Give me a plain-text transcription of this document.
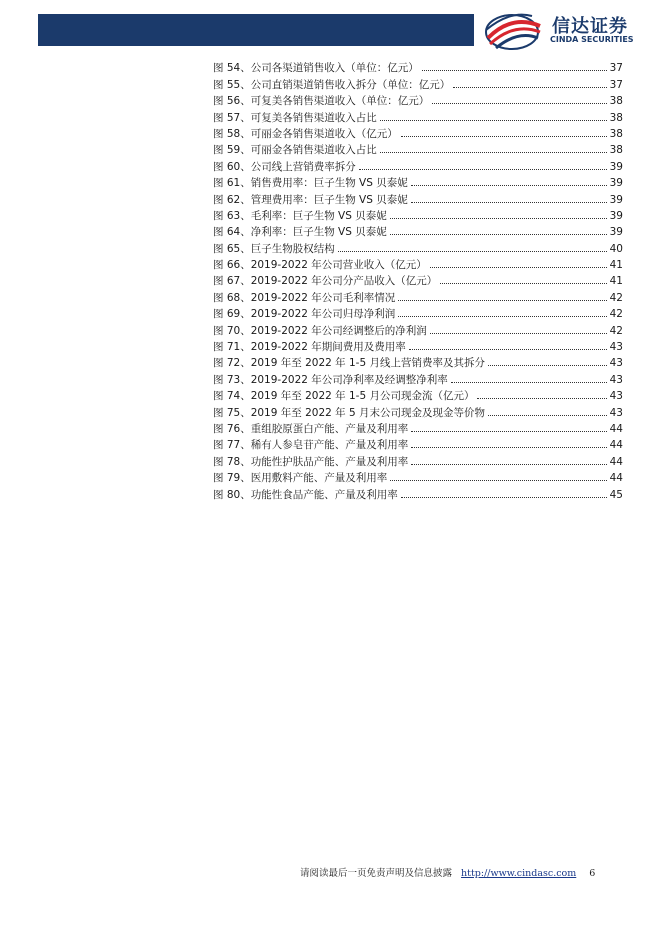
信达证券
CINDA SECURITIES
图 54、公司各渠道销售收入（单位：亿元）	37
图 55、公司直销渠道销售收入拆分（单位：亿元）	37
图 56、可复美各销售渠道收入（单位：亿元）	38
图 57、可复美各销售渠道收入占比	38
图 58、可丽金各销售渠道收入（亿元）	38
图 59、可丽金各销售渠道收入占比	38
图 60、公司线上营销费率拆分	39
图 61、销售费用率：巨子生物 VS 贝泰妮	39
图 62、管理费用率：巨子生物 VS 贝泰妮	39
图 63、毛利率：巨子生物 VS 贝泰妮	39
图 64、净利率：巨子生物 VS 贝泰妮	39
图 65、巨子生物股权结构	40
图 66、2019-2022 年公司营业收入（亿元）	41
图 67、2019-2022 年公司分产品收入（亿元）	41
图 68、2019-2022 年公司毛利率情况	42
图 69、2019-2022 年公司归母净利润	42
图 70、2019-2022 年公司经调整后的净利润	42
图 71、2019-2022 年期间费用及费用率	43
图 72、2019 年至 2022 年 1-5 月线上营销费率及其拆分	43
图 73、2019-2022 年公司净利率及经调整净利率	43
图 74、2019 年至 2022 年 1-5 月公司现金流（亿元）	43
图 75、2019 年至 2022 年 5 月末公司现金及现金等价物	43
图 76、重组胶原蛋白产能、产量及利用率	44
图 77、稀有人参皂苷产能、产量及利用率	44
图 78、功能性护肤品产能、产量及利用率	44
图 79、医用敷料产能、产量及利用率	44
图 80、功能性食品产能、产量及利用率	45
请阅读最后一页免责声明及信息披露 http://www.cindasc.com 6
